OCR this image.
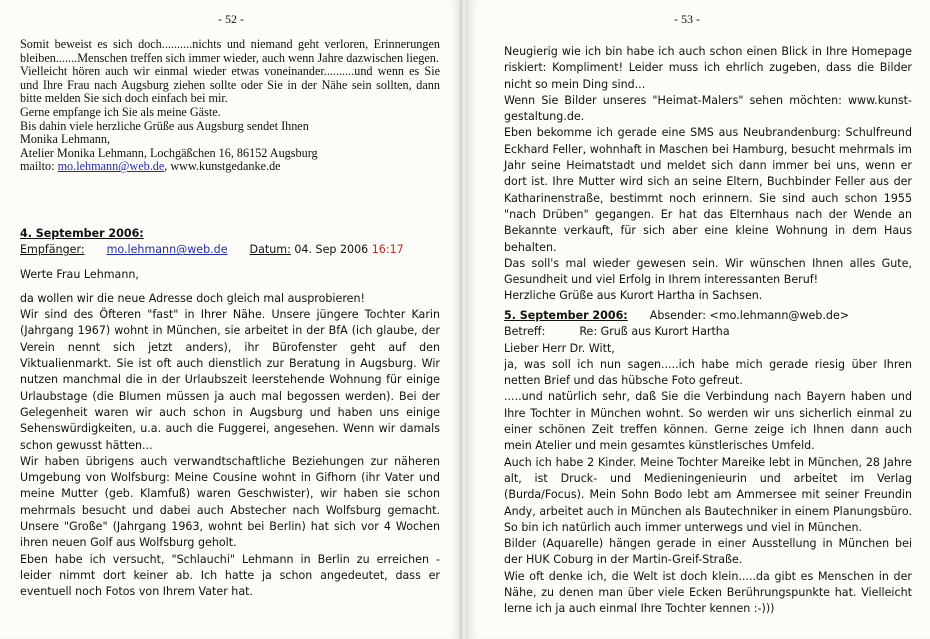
- 52 -

Somit beweist es sich doch..........nichts und niemand geht verloren, Erinnerungen bleiben.......Menschen treffen sich immer wieder, auch wenn Jahre dazwischen liegen.

Vielleicht hören auch wir einmal wieder etwas voneinander..........und wenn es Sie und Ihre Frau nach Augsburg ziehen sollte oder Sie in der Nähe sein sollten, dann bitte melden Sie sich doch einfach bei mir.

Gerne empfange ich Sie als meine Gäste.

Bis dahin viele herzliche Grüße aus Augsburg sendet Ihnen

Monika Lehmann,

Atelier Monika Lehmann, Lochgäßchen 16, 86152 Augsburg

mailto: mo.lehmann@web.de, www.kunstgedanke.de

4. September 2006:

Empfänger: mo.lehmann@web.de Datum: 04. Sep 2006 16:17

Werte Frau Lehmann,

da wollen wir die neue Adresse doch gleich mal ausprobieren!

Wir sind des Öfteren "fast" in Ihrer Nähe. Unsere jüngere Tochter Karin (Jahrgang 1967) wohnt in München, sie arbeitet in der BfA (ich glaube, der Verein nennt sich jetzt anders), ihr Bürofenster geht auf den Viktualienmarkt. Sie ist oft auch dienstlich zur Beratung in Augsburg. Wir nutzen manchmal die in der Urlaubszeit leerstehende Wohnung für einige Urlaubstage (die Blumen müssen ja auch mal begossen werden). Bei der Gelegenheit waren wir auch schon in Augsburg und haben uns einige Sehenswürdigkeiten, u.a. auch die Fuggerei, angesehen. Wenn wir damals schon gewusst hätten...

Wir haben übrigens auch verwandtschaftliche Beziehungen zur näheren Umgebung von Wolfsburg: Meine Cousine wohnt in Gifhorn (ihr Vater und meine Mutter (geb. Klamfuß) waren Geschwister), wir haben sie schon mehrmals besucht und dabei auch Abstecher nach Wolfsburg gemacht. Unsere "Große" (Jahrgang 1963, wohnt bei Berlin) hat sich vor 4 Wochen ihren neuen Golf aus Wolfsburg geholt.

Eben habe ich versucht, "Schlauchi" Lehmann in Berlin zu erreichen - leider nimmt dort keiner ab. Ich hatte ja schon angedeutet, dass er eventuell noch Fotos von Ihrem Vater hat.

- 53 -

Neugierig wie ich bin habe ich auch schon einen Blick in Ihre Homepage riskiert: Kompliment! Leider muss ich ehrlich zugeben, dass die Bilder nicht so mein Ding sind...

Wenn Sie Bilder unseres "Heimat-Malers" sehen möchten: www.kunst-gestaltung.de.

Eben bekomme ich gerade eine SMS aus Neubrandenburg: Schulfreund Eckhard Feller, wohnhaft in Maschen bei Hamburg, besucht mehrmals im Jahr seine Heimatstadt und meldet sich dann immer bei uns, wenn er dort ist. Ihre Mutter wird sich an seine Eltern, Buchbinder Feller aus der Katharinenstraße, bestimmt noch erinnern. Sie sind auch schon 1955 "nach Drüben" gegangen. Er hat das Elternhaus nach der Wende an Bekannte verkauft, für sich aber eine kleine Wohnung in dem Haus behalten.

Das soll's mal wieder gewesen sein. Wir wünschen Ihnen alles Gute, Gesundheit und viel Erfolg in Ihrem interessanten Beruf!

Herzliche Grüße aus Kurort Hartha in Sachsen.

5. September 2006: Absender: <mo.lehmann@web.de>

Betreff:	Re: Gruß aus Kurort Hartha

Lieber Herr Dr. Witt,

ja, was soll ich nun sagen.....ich habe mich gerade riesig über Ihren netten Brief und das hübsche Foto gefreut.

.....und natürlich sehr, daß Sie die Verbindung nach Bayern haben und Ihre Tochter in München wohnt. So werden wir uns sicherlich einmal zu einer schönen Zeit treffen können. Gerne zeige ich Ihnen dann auch mein Atelier und mein gesamtes künstlerisches Umfeld.

Auch ich habe 2 Kinder. Meine Tochter Mareike lebt in München, 28 Jahre alt, ist Druck- und Medieningenieurin und arbeitet im Verlag (Burda/Focus). Mein Sohn Bodo lebt am Ammersee mit seiner Freundin Andy, arbeitet auch in München als Bautechniker in einem Planungsbüro. So bin ich natürlich auch immer unterwegs und viel in München.

Bilder (Aquarelle) hängen gerade in einer Ausstellung in München bei der HUK Coburg in der Martin-Greif-Straße.

Wie oft denke ich, die Welt ist doch klein.....da gibt es Menschen in der Nähe, zu denen man über viele Ecken Berührungspunkte hat. Vielleicht lerne ich ja auch einmal Ihre Tochter kennen :-)))
